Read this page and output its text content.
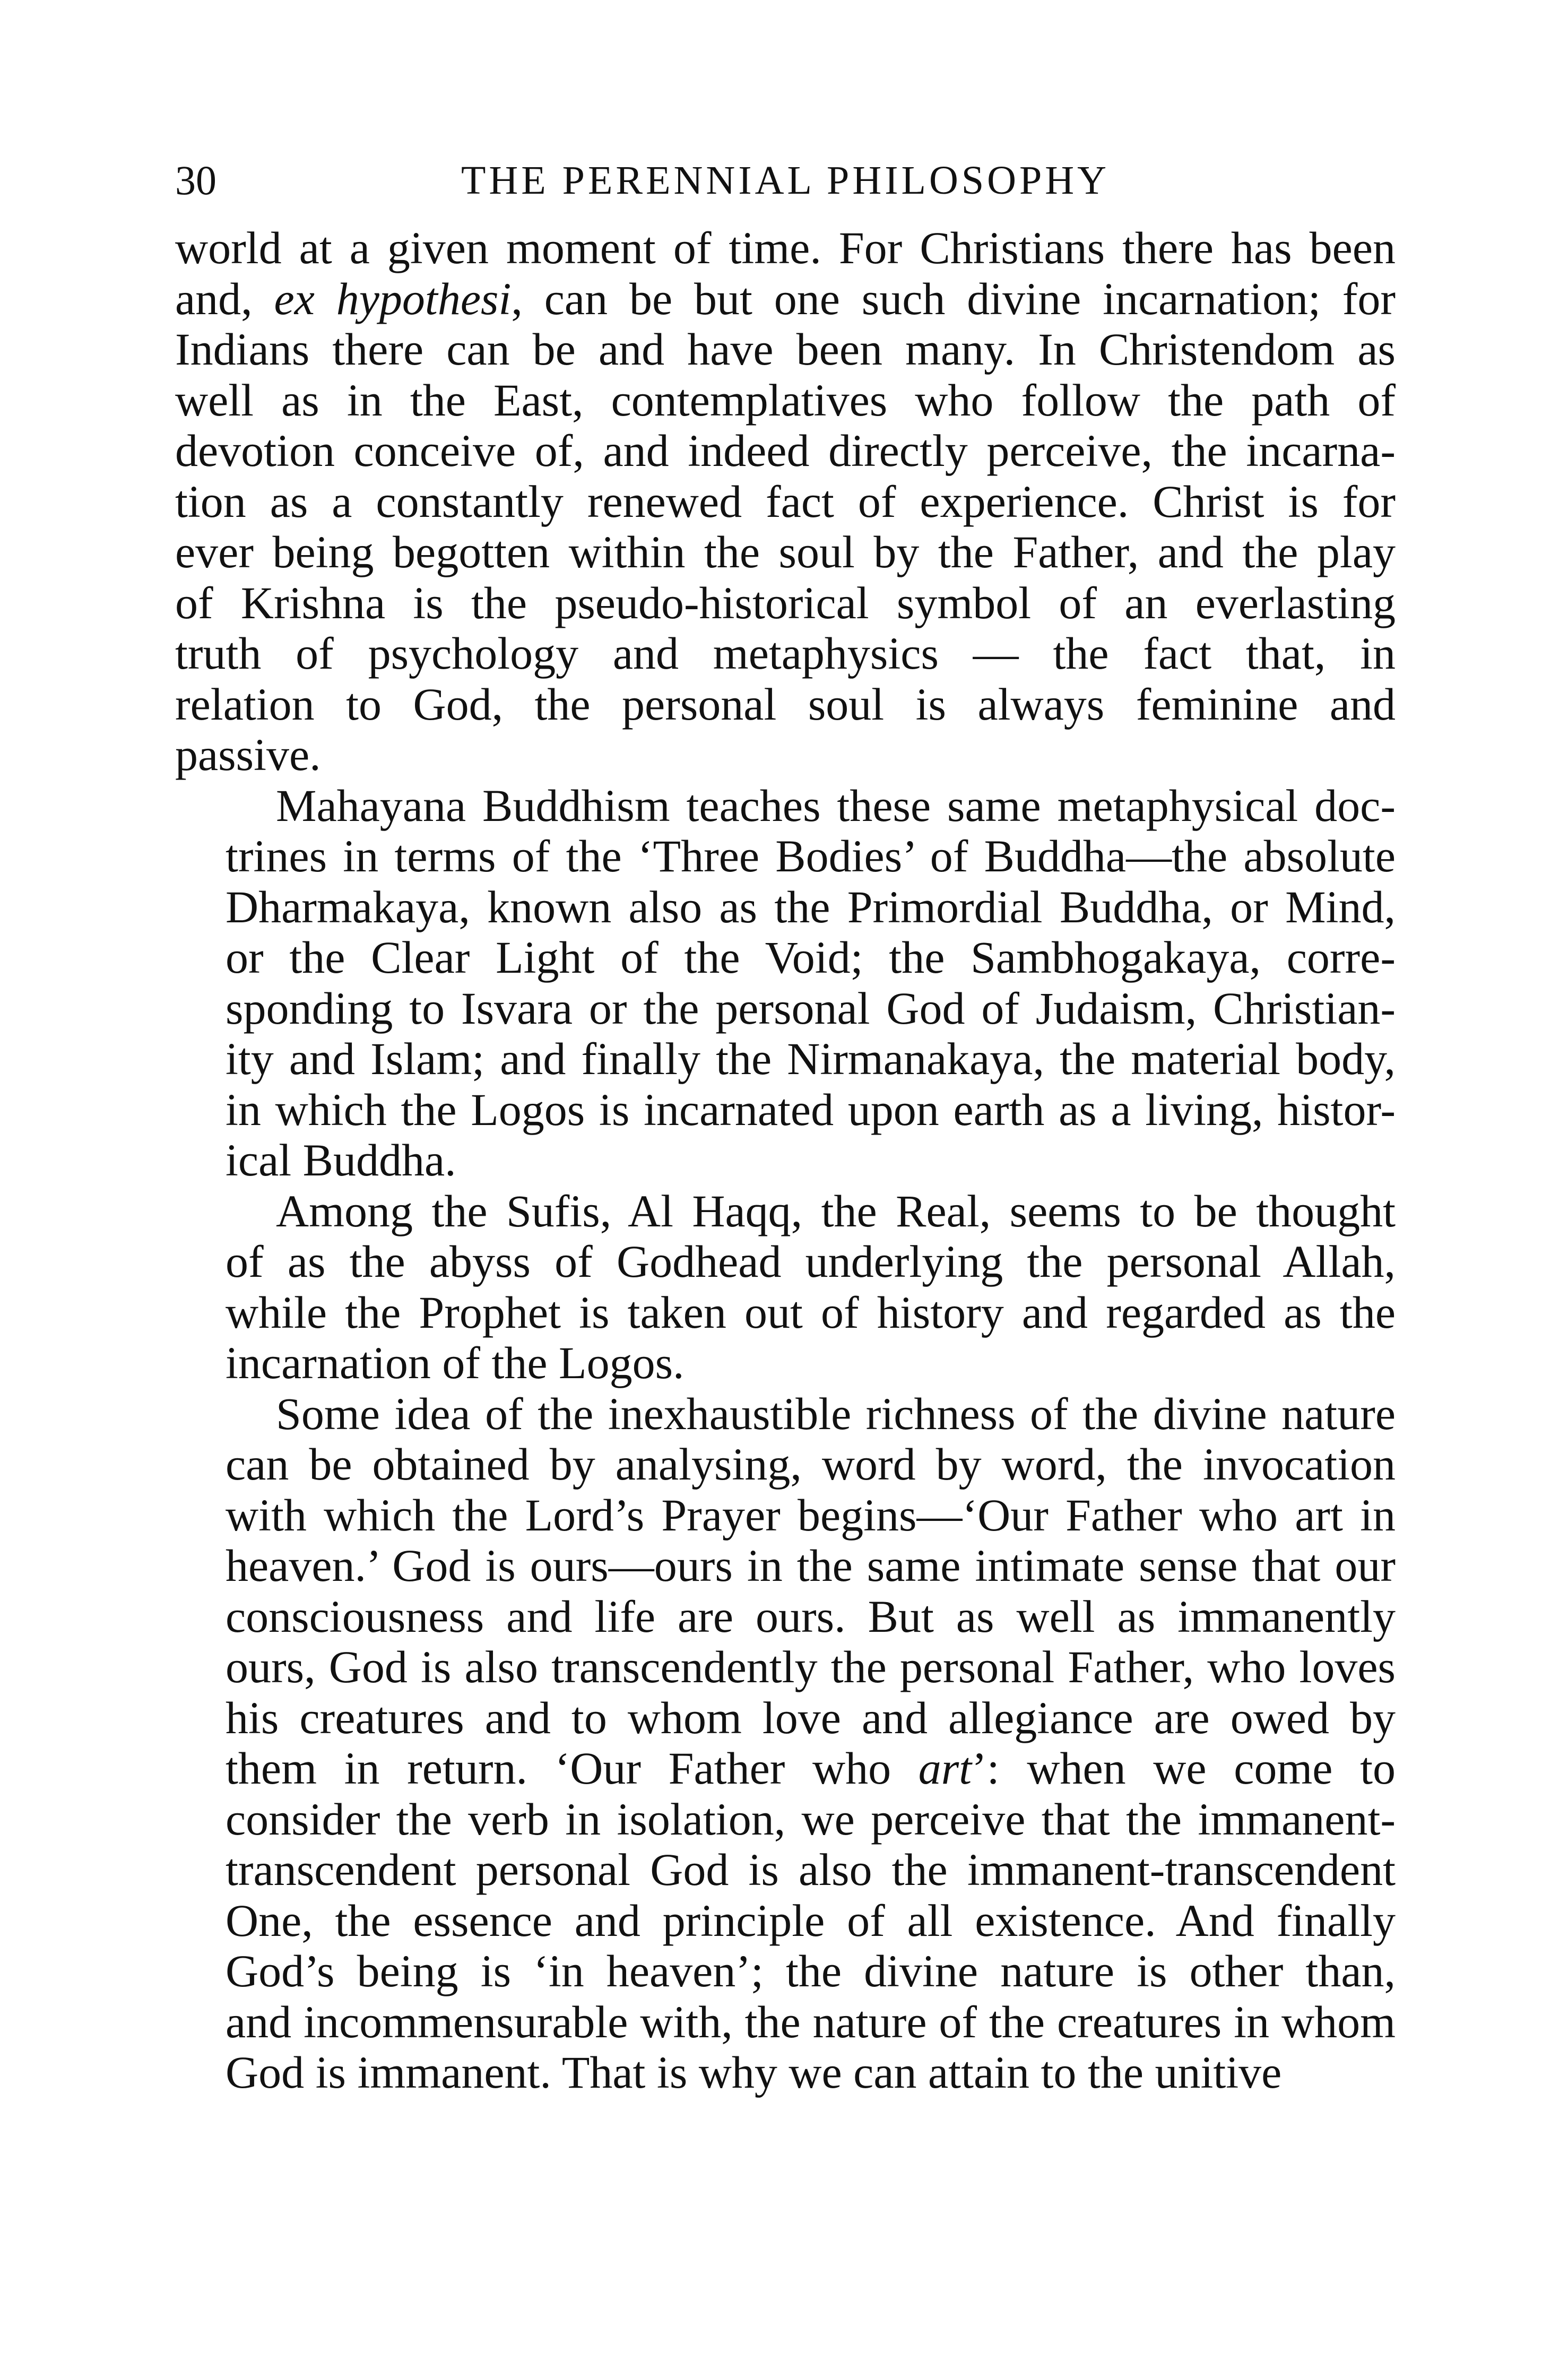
30	THE PERENNIAL PHILOSOPHY
world at a given moment of time. For Christians there has been
and, ex hypothesi, can be but one such divine incarnation; for
Indians there can be and have been many. In Christendom as
well as in the East, contemplatives who follow the path of
devotion conceive of, and indeed directly perceive, the incarna-
tion as a constantly renewed fact of experience. Christ is for
ever being begotten within the soul by the Father, and the play
of Krishna is the pseudo-historical symbol of an everlasting
truth of psychology and metaphysics — the fact that, in
relation to God, the personal soul is always feminine and
passive.
Mahayana Buddhism teaches these same metaphysical doc-
trines in terms of the ‘Three Bodies’ of Buddha—the absolute
Dharmakaya, known also as the Primordial Buddha, or Mind,
or the Clear Light of the Void; the Sambhogakaya, corre-
sponding to Isvara or the personal God of Judaism, Christian-
ity and Islam; and finally the Nirmanakaya, the material body,
in which the Logos is incarnated upon earth as a living, histor-
ical Buddha.
Among the Sufis, Al Haqq, the Real, seems to be thought
of as the abyss of Godhead underlying the personal Allah,
while the Prophet is taken out of history and regarded as the
incarnation of the Logos.
Some idea of the inexhaustible richness of the divine nature
can be obtained by analysing, word by word, the invocation
with which the Lord’s Prayer begins—‘Our Father who art in
heaven.’ God is ours—ours in the same intimate sense that our
consciousness and life are ours. But as well as immanently
ours, God is also transcendently the personal Father, who loves
his creatures and to whom love and allegiance are owed by
them in return. ‘Our Father who art’: when we come to
consider the verb in isolation, we perceive that the immanent-
transcendent personal God is also the immanent-transcendent
One, the essence and principle of all existence. And finally
God’s being is ‘in heaven’; the divine nature is other than,
and incommensurable with, the nature of the creatures in whom
God is immanent. That is why we can attain to the unitive
